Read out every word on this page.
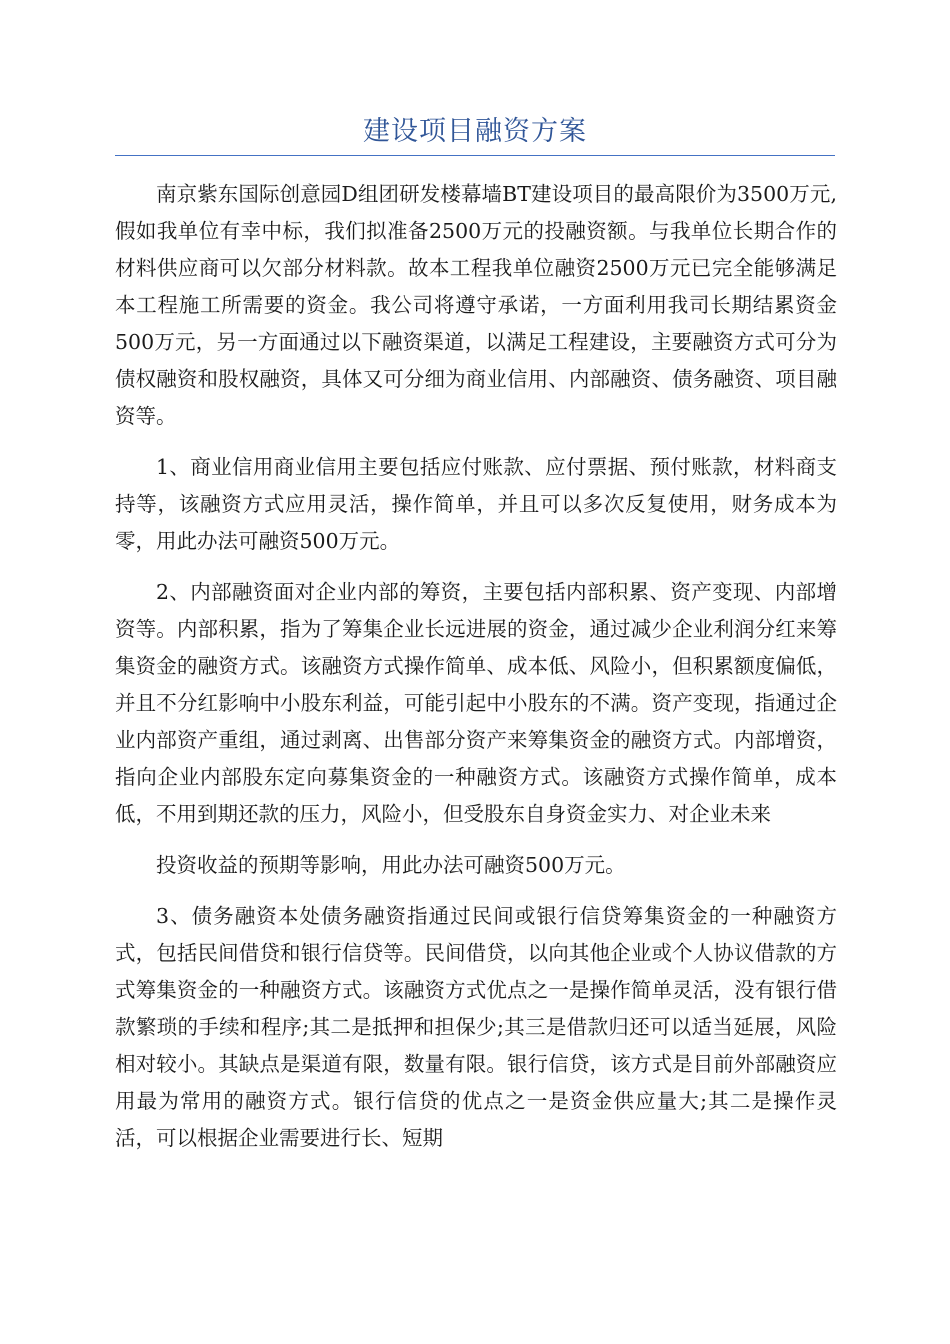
建设项目融资方案

南京紫东国际创意园D组团研发楼幕墙BT建设项目的最高限价为3500万元,假如我单位有幸中标，我们拟准备2500万元的投融资额。与我单位长期合作的材料供应商可以欠部分材料款。故本工程我单位融资2500万元已完全能够满足本工程施工所需要的资金。我公司将遵守承诺，一方面利用我司长期结累资金500万元，另一方面通过以下融资渠道，以满足工程建设，主要融资方式可分为债权融资和股权融资，具体又可分细为商业信用、内部融资、债务融资、项目融资等。

1、商业信用商业信用主要包括应付账款、应付票据、预付账款，材料商支持等，该融资方式应用灵活，操作简单，并且可以多次反复使用，财务成本为零，用此办法可融资500万元。

2、内部融资面对企业内部的筹资，主要包括内部积累、资产变现、内部增资等。内部积累，指为了筹集企业长远进展的资金，通过减少企业利润分红来筹集资金的融资方式。该融资方式操作简单、成本低、风险小，但积累额度偏低，并且不分红影响中小股东利益，可能引起中小股东的不满。资产变现，指通过企业内部资产重组，通过剥离、出售部分资产来筹集资金的融资方式。内部增资，指向企业内部股东定向募集资金的一种融资方式。该融资方式操作简单，成本低，不用到期还款的压力，风险小，但受股东自身资金实力、对企业未来

投资收益的预期等影响，用此办法可融资500万元。

3、债务融资本处债务融资指通过民间或银行信贷筹集资金的一种融资方式，包括民间借贷和银行信贷等。民间借贷，以向其他企业或个人协议借款的方式筹集资金的一种融资方式。该融资方式优点之一是操作简单灵活，没有银行借款繁琐的手续和程序;其二是抵押和担保少;其三是借款归还可以适当延展，风险相对较小。其缺点是渠道有限，数量有限。银行信贷，该方式是目前外部融资应用最为常用的融资方式。银行信贷的优点之一是资金供应量大;其二是操作灵活，可以根据企业需要进行长、短期
